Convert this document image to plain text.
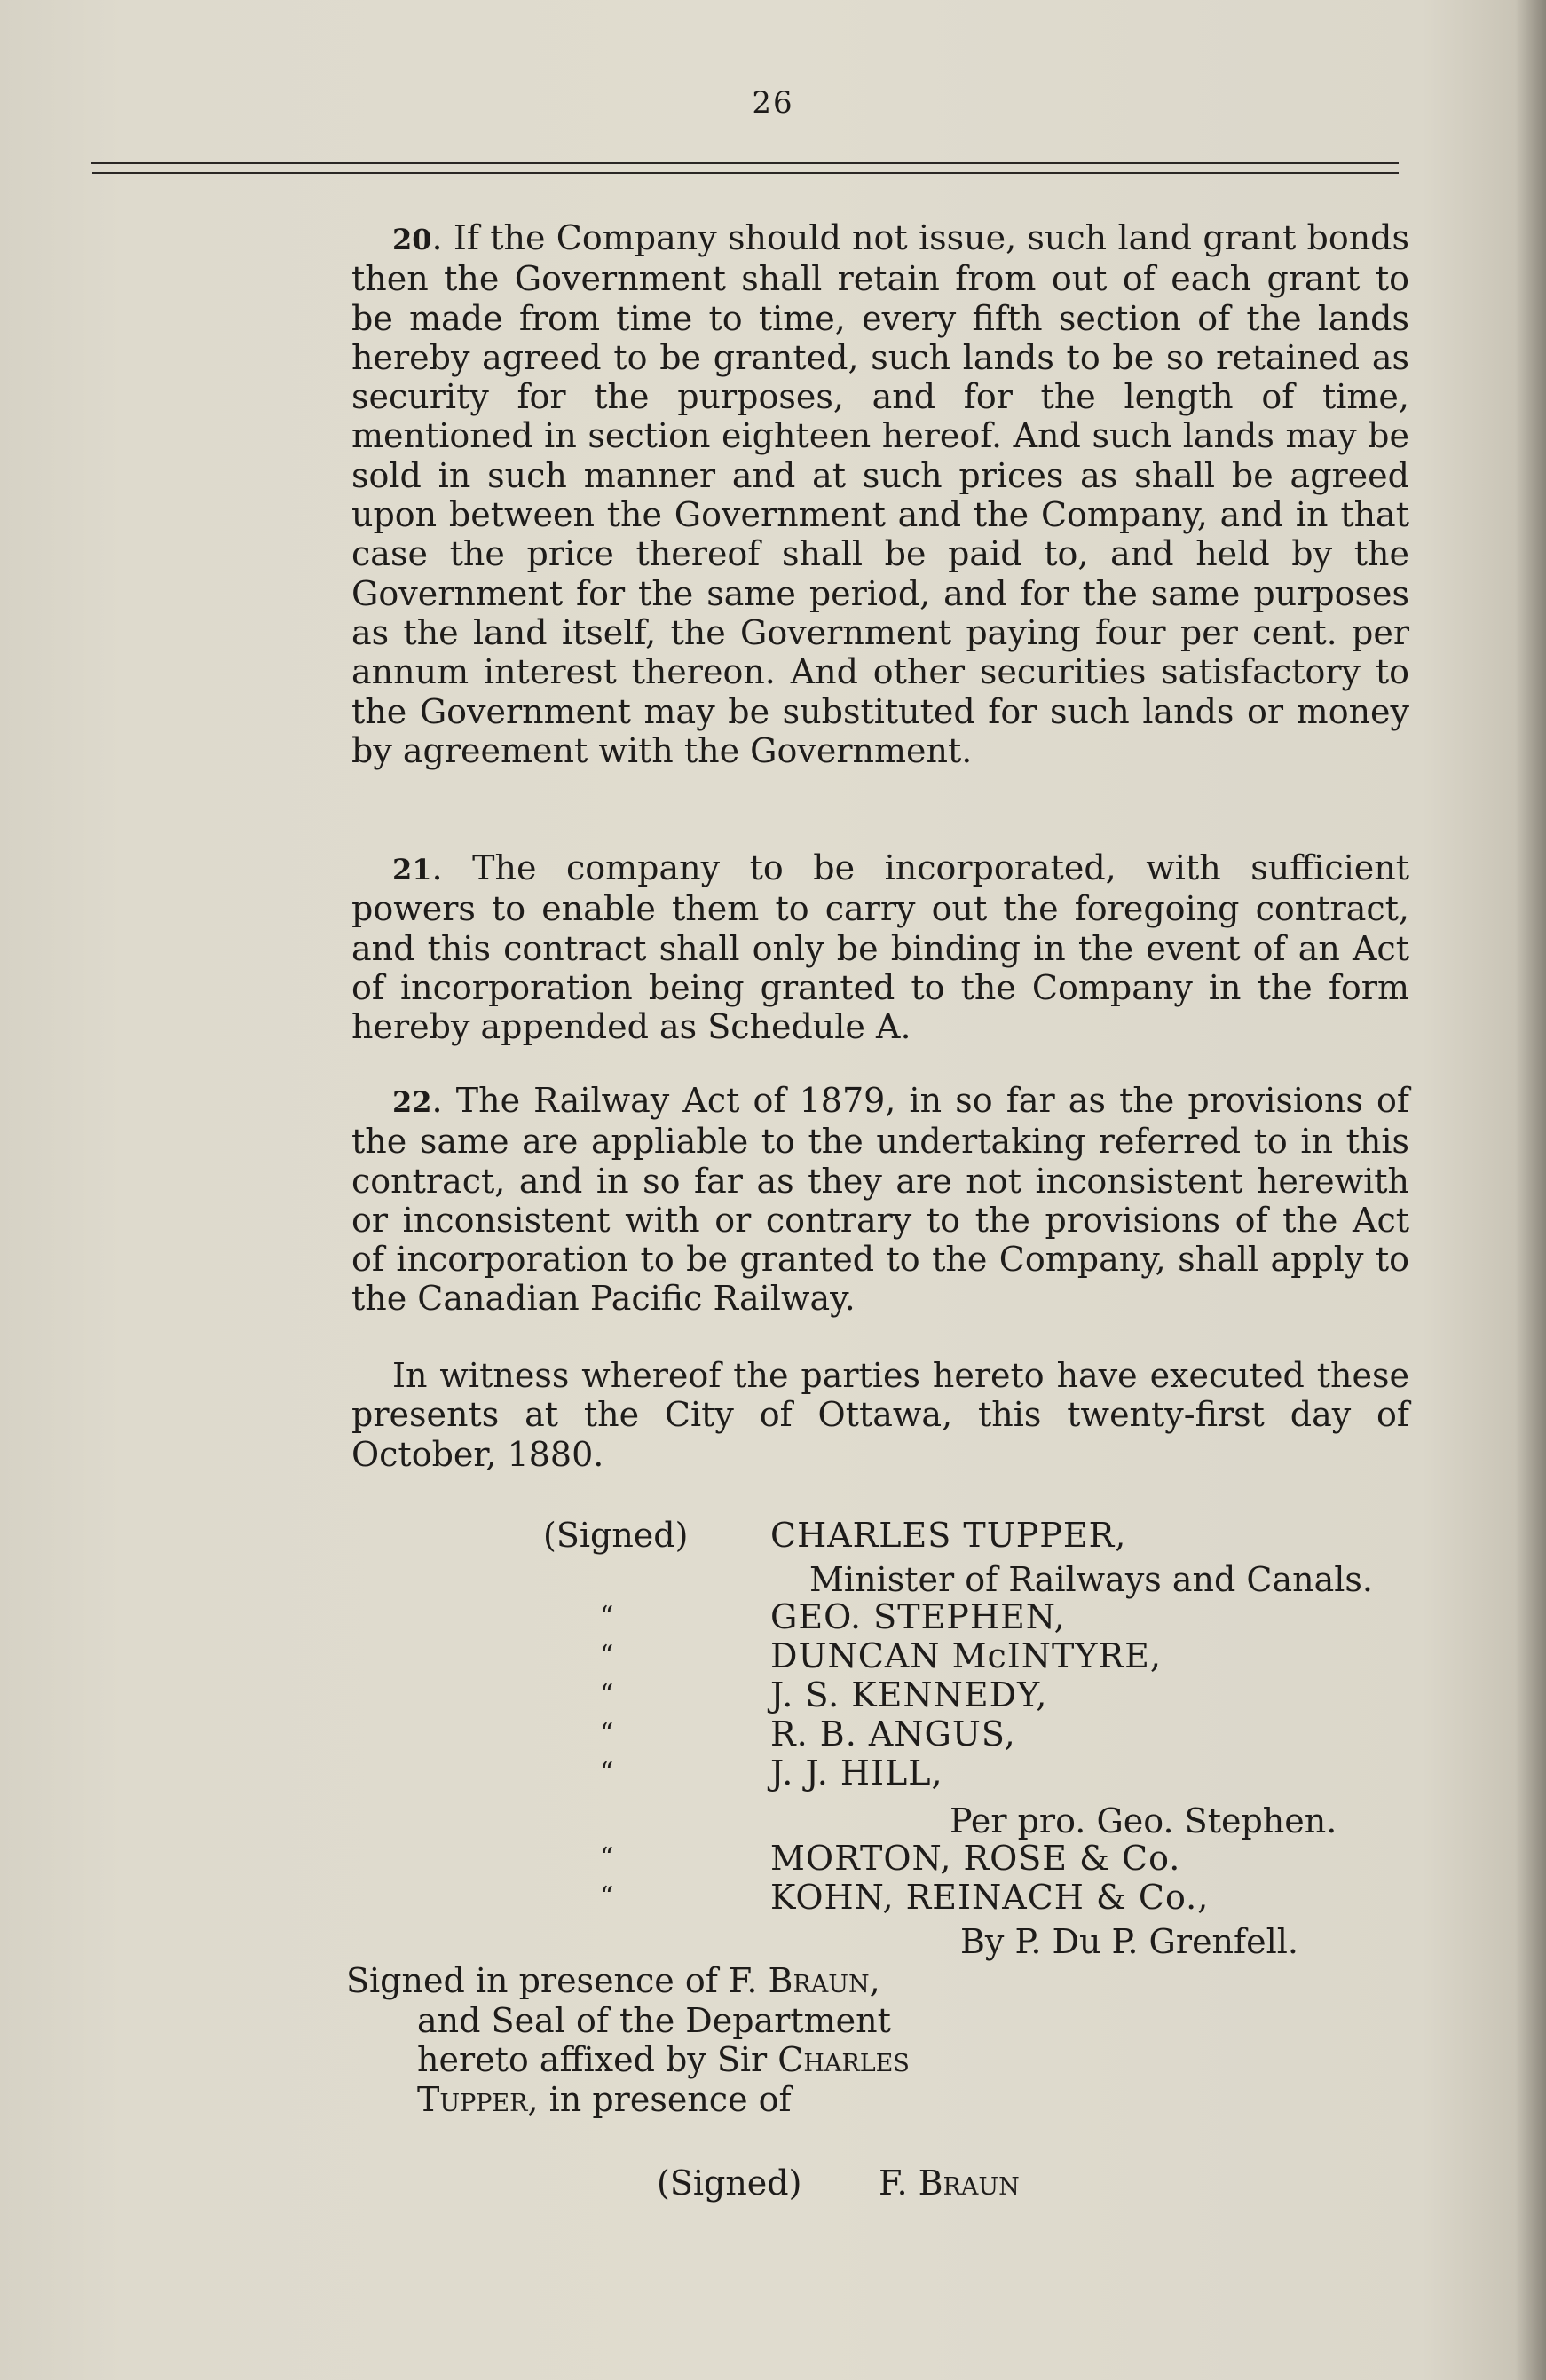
26
20. If the Company should not issue, such land grant bonds then the Government shall retain from out of each grant to be made from time to time, every fifth section of the lands hereby agreed to be granted, such lands to be so retained as security for the purposes, and for the length of time, mentioned in section eighteen hereof. And such lands may be sold in such manner and at such prices as shall be agreed upon between the Government and the Company, and in that case the price thereof shall be paid to, and held by the Government for the same period, and for the same purposes as the land itself, the Government paying four per cent. per annum interest thereon. And other securities satisfactory to the Government may be substituted for such lands or money by agreement with the Government.
21. The company to be incorporated, with sufficient powers to enable them to carry out the foregoing contract, and this contract shall only be binding in the event of an Act of incorporation being granted to the Company in the form hereby appended as Schedule A.
22. The Railway Act of 1879, in so far as the provisions of the same are appliable to the undertaking referred to in this contract, and in so far as they are not inconsistent herewith or inconsistent with or contrary to the provisions of the Act of incorporation to be granted to the Company, shall apply to the Canadian Pacific Railway.
In witness whereof the parties hereto have executed these presents at the City of Ottawa, this twenty-first day of October, 1880.
(Signed) CHARLES TUPPER,
Minister of Railways and Canals.
“	GEO. STEPHEN,
“	DUNCAN McINTYRE,
“	J. S. KENNEDY,
“	R. B. ANGUS,
“	J. J. HILL,
Per pro. Geo. Stephen.
“	MORTON, ROSE & Co.
“	KOHN, REINACH & Co.,
By P. Du P. Grenfell.
Signed in presence of F. Braun,
and Seal of the Department
hereto affixed by Sir Charles
Tupper, in presence of
(Signed) F. Braun
